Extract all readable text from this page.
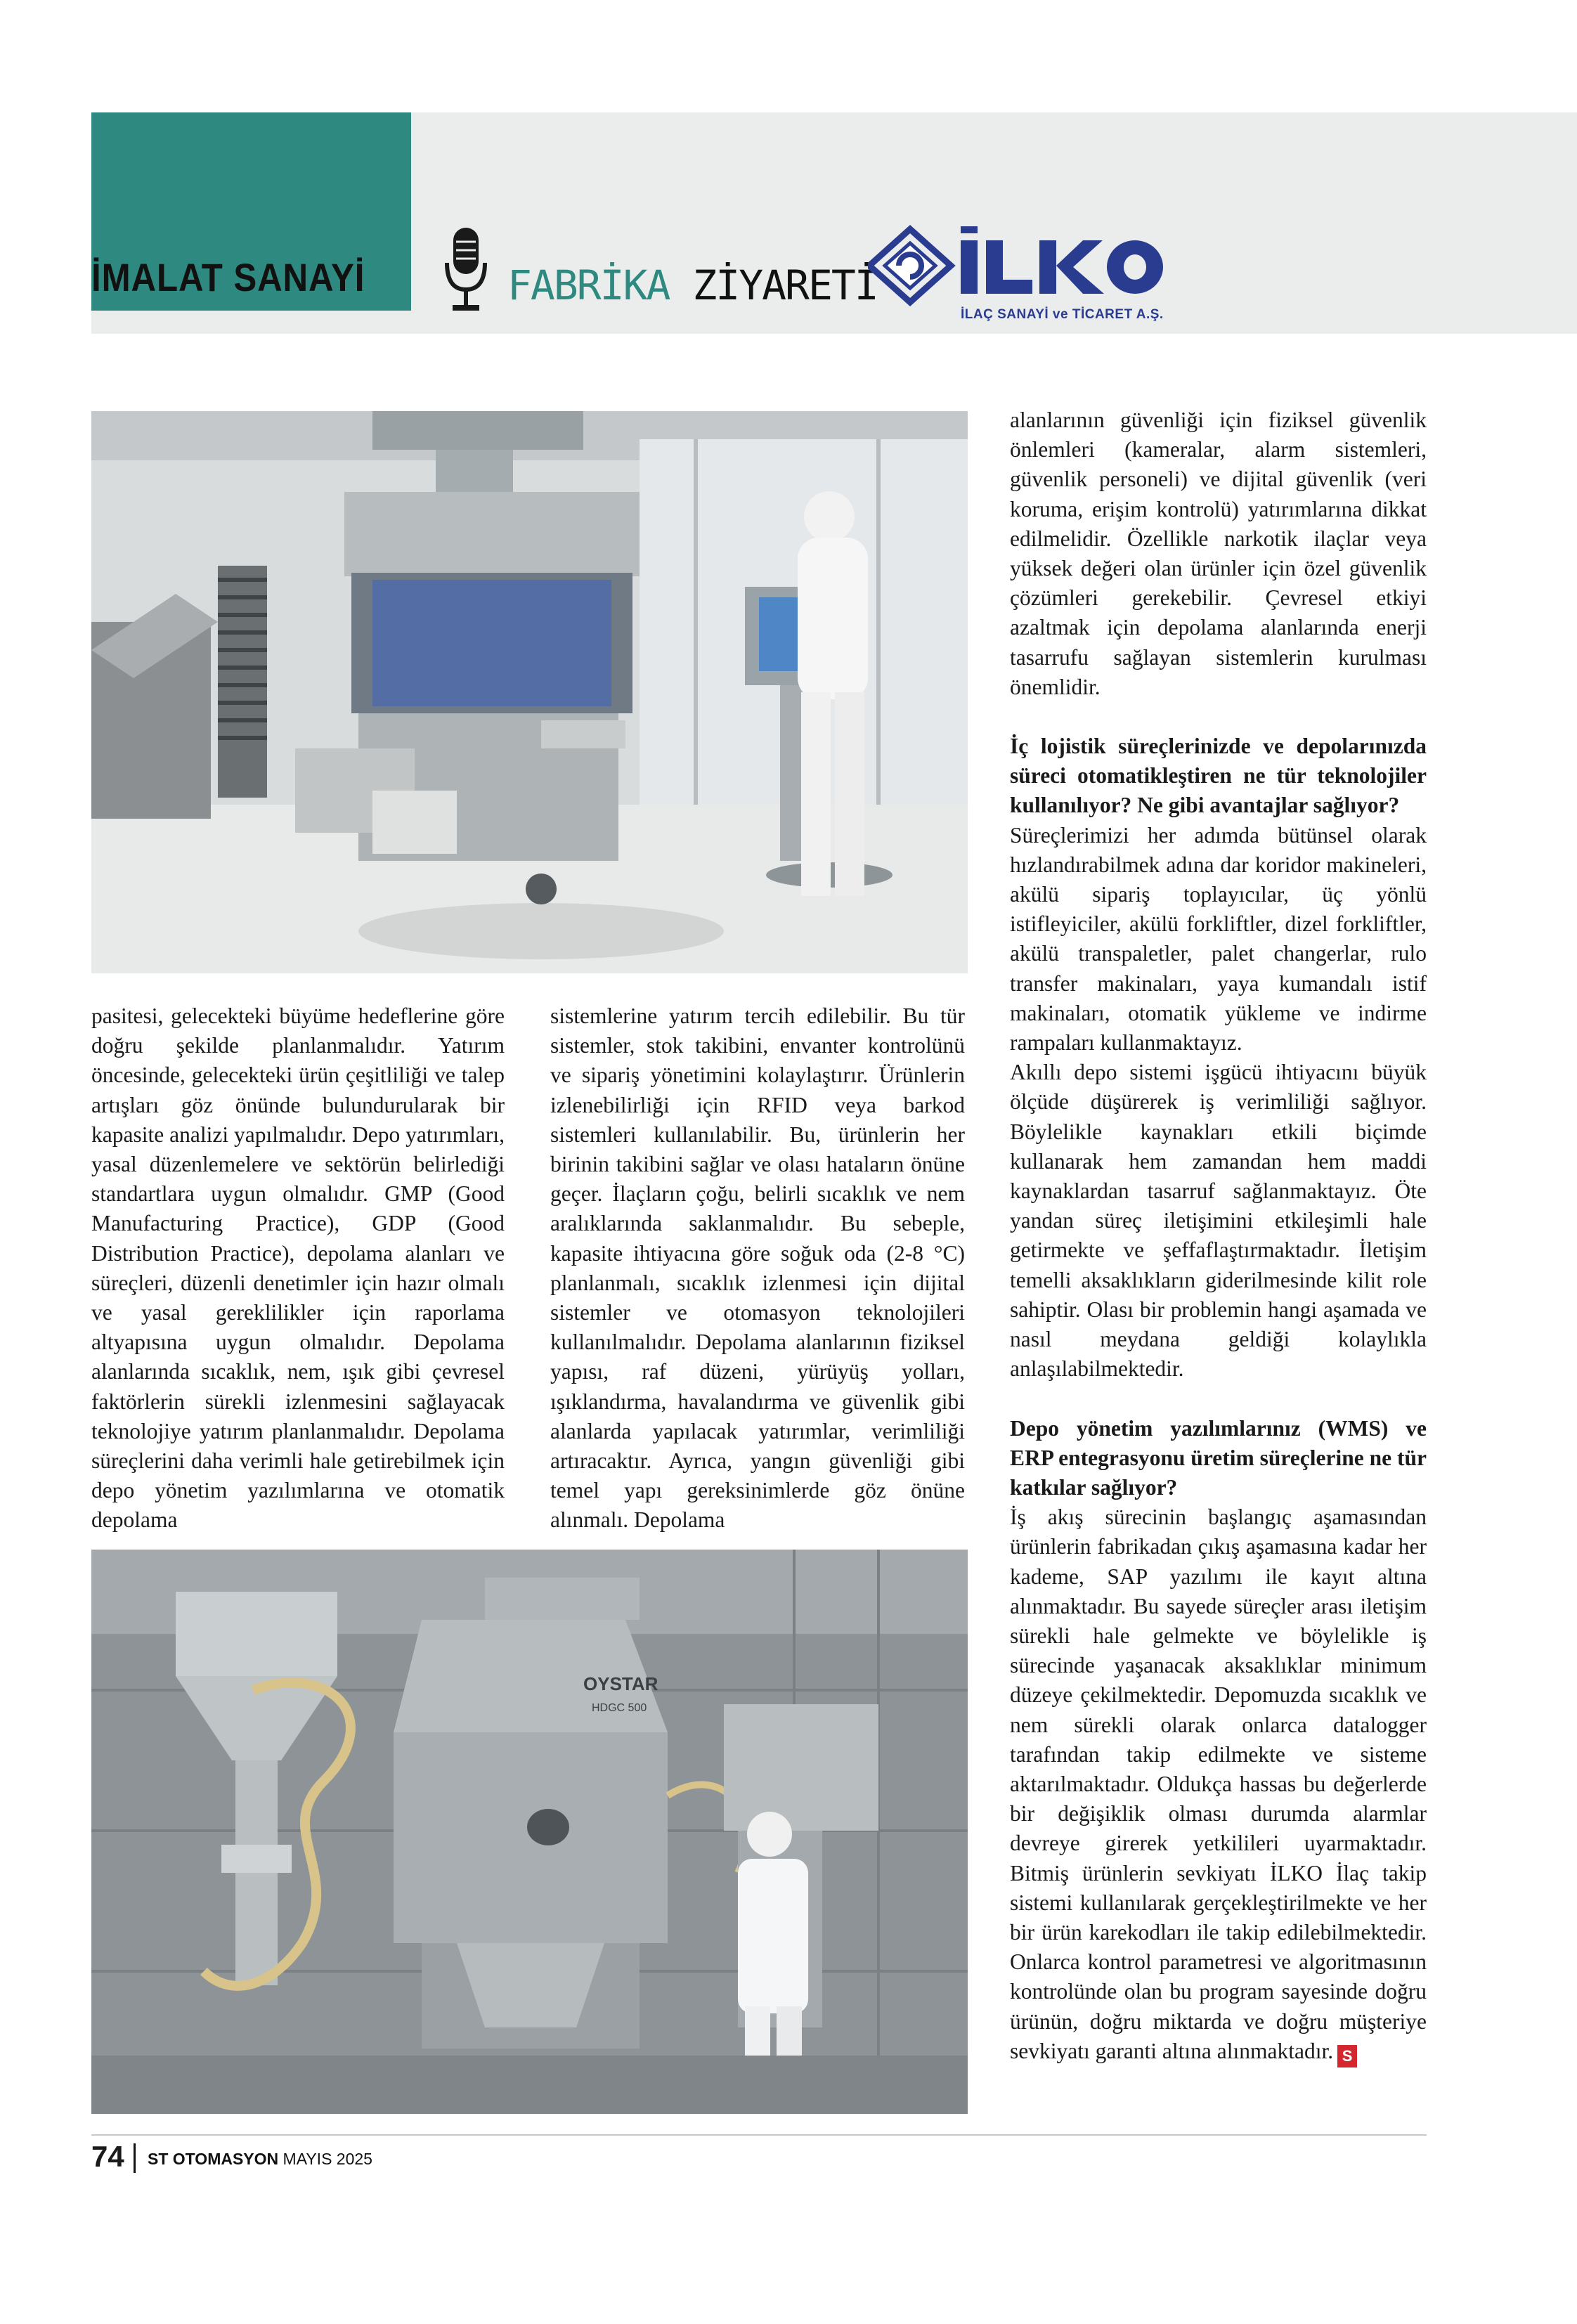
İMALAT SANAYİ	FABRİKA ZİYARETİ
İLAÇ SANAYİ ve TİCARET A.Ş.
OYSTAR
HDGC 500

pasitesi, gelecekteki büyüme hedeflerine göre doğru şekilde planlanmalıdır. Yatırım öncesinde, gelecekteki ürün çeşitliliği ve talep artışları göz önünde bulundurularak bir kapasite analizi yapılmalıdır. Depo yatırımları, yasal düzenlemelere ve sektörün belirlediği standartlara uygun olmalıdır. GMP (Good Manufacturing Practice), GDP (Good Distribution Practice), depolama alanları ve süreçleri, düzenli denetimler için hazır olmalı ve yasal gereklilikler için raporlama altyapısına uygun olmalıdır. Depolama alanlarında sıcaklık, nem, ışık gibi çevresel faktörlerin sürekli izlenmesini sağlayacak teknolojiye yatırım planlanmalıdır. Depolama süreçlerini daha verimli hale getirebilmek için depo yönetim yazılımlarına ve otomatik depolama

sistemlerine yatırım tercih edilebilir. Bu tür sistemler, stok takibini, envanter kontrolünü ve sipariş yönetimini kolaylaştırır. Ürünlerin izlenebilirliği için RFID veya barkod sistemleri kullanılabilir. Bu, ürünlerin her birinin takibini sağlar ve olası hataların önüne geçer. İlaçların çoğu, belirli sıcaklık ve nem aralıklarında saklanmalıdır. Bu sebeple, kapasite ihtiyacına göre soğuk oda (2-8 °C) planlanmalı, sıcaklık izlenmesi için dijital sistemler ve otomasyon teknolojileri kullanılmalıdır. Depolama alanlarının fiziksel yapısı, raf düzeni, yürüyüş yolları, ışıklandırma, havalandırma ve güvenlik gibi alanlarda yapılacak yatırımlar, verimliliği artıracaktır. Ayrıca, yangın güvenliği gibi temel yapı gereksinimlerde göz önüne alınmalı. Depolama

alanlarının güvenliği için fiziksel güvenlik önlemleri (kameralar, alarm sistemleri, güvenlik personeli) ve dijital güvenlik (veri koruma, erişim kontrolü) yatırımlarına dikkat edilmelidir. Özellikle narkotik ilaçlar veya yüksek değeri olan ürünler için özel güvenlik çözümleri gerekebilir. Çevresel etkiyi azaltmak için depolama alanlarında enerji tasarrufu sağlayan sistemlerin kurulması önemlidir.

İç lojistik süreçlerinizde ve depolarınızda süreci otomatikleştiren ne tür teknolojiler kullanılıyor? Ne gibi avantajlar sağlıyor?

Süreçlerimizi her adımda bütünsel olarak hızlandırabilmek adına dar koridor makineleri, akülü sipariş toplayıcılar, üç yönlü istifleyiciler, akülü forkliftler, dizel forkliftler, akülü transpaletler, palet changerlar, rulo transfer makinaları, yaya kumandalı istif makinaları, otomatik yükleme ve indirme rampaları kullanmaktayız.

Akıllı depo sistemi işgücü ihtiyacını büyük ölçüde düşürerek iş verimliliği sağlıyor. Böylelikle kaynakları etkili biçimde kullanarak hem zamandan hem maddi kaynaklardan tasarruf sağlanmaktayız. Öte yandan süreç iletişimini etkileşimli hale getirmekte ve şeffaflaştırmaktadır. İletişim temelli aksaklıkların giderilmesinde kilit role sahiptir. Olası bir problemin hangi aşamada ve nasıl meydana geldiği kolaylıkla anlaşılabilmektedir.

Depo yönetim yazılımlarınız (WMS) ve ERP entegrasyonu üretim süreçlerine ne tür katkılar sağlıyor?

İş akış sürecinin başlangıç aşamasından ürünlerin fabrikadan çıkış aşamasına kadar her kademe, SAP yazılımı ile kayıt altına alınmaktadır. Bu sayede süreçler arası iletişim sürekli hale gelmekte ve böylelikle iş sürecinde yaşanacak aksaklıklar minimum düzeye çekilmektedir. Depomuzda sıcaklık ve nem sürekli olarak onlarca datalogger tarafından takip edilmekte ve sisteme aktarılmaktadır. Oldukça hassas bu değerlerde bir değişiklik olması durumda alarmlar devreye girerek yetkilileri uyarmaktadır. Bitmiş ürünlerin sevkiyatı İLKO İlaç takip sistemi kullanılarak gerçekleştirilmekte ve her bir ürün karekodları ile takip edilebilmektedir. Onlarca kontrol parametresi ve algoritmasının kontrolünde olan bu program sayesinde doğru ürünün, doğru miktarda ve doğru müşteriye sevkiyatı garanti altına alınmaktadır. S

74 ST OTOMASYON MAYIS 2025
